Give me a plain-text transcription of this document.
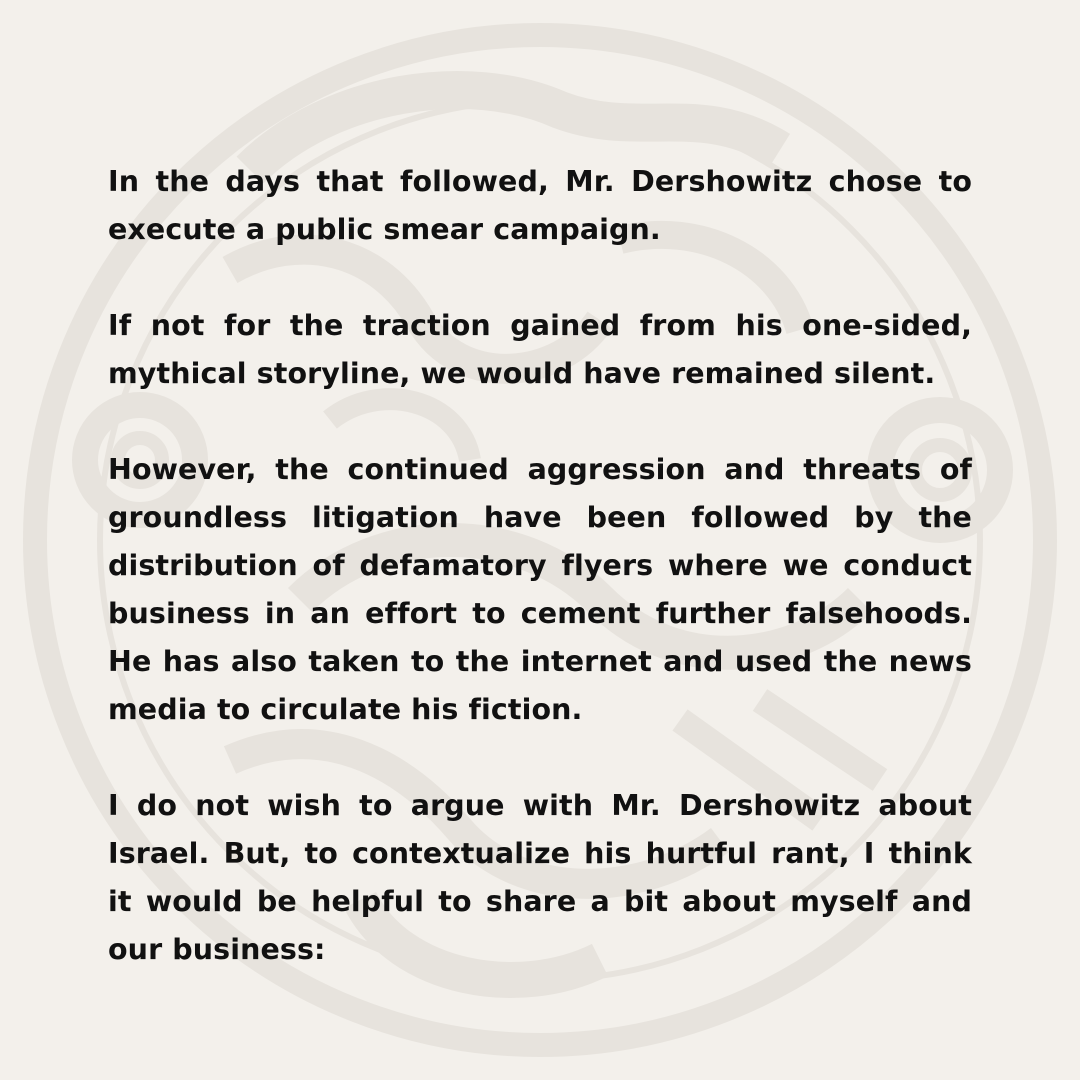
In the days that followed, Mr. Dershowitz chose to execute a public smear campaign.

If not for the traction gained from his one-sided, mythical storyline, we would have remained silent.

However, the continued aggression and threats of groundless litigation have been followed by the distribution of defamatory flyers where we conduct business in an effort to cement further falsehoods. He has also taken to the internet and used the news media to circulate his fiction.

I do not wish to argue with Mr. Dershowitz about Israel. But, to contextualize his hurtful rant, I think it would be helpful to share a bit about myself and our business:
